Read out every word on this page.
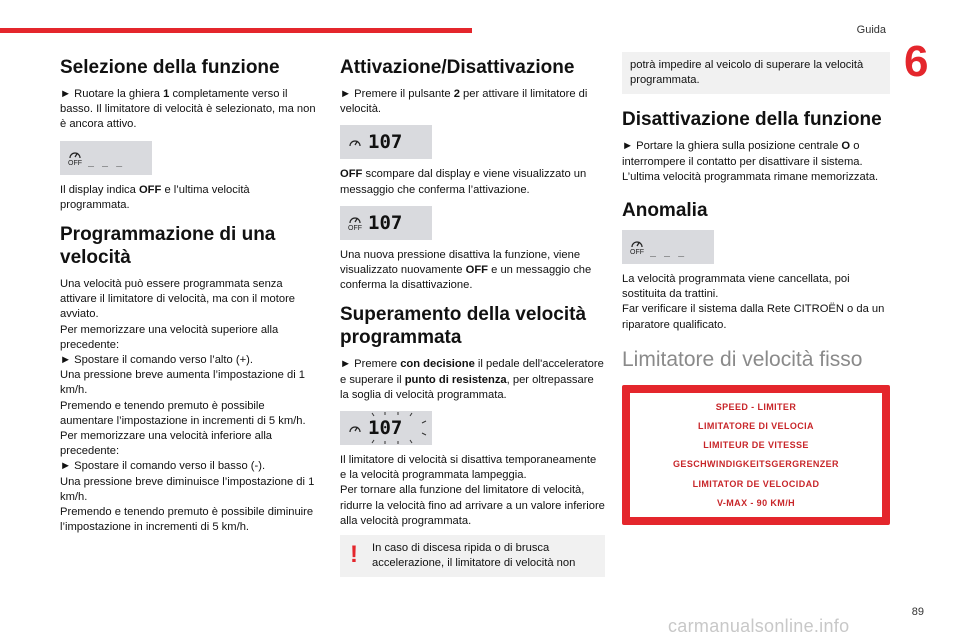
Guida
6
Selezione della funzione

► Ruotare la ghiera 1 completamente verso il basso. Il limitatore di velocità è selezionato, ma non è ancora attivo.

OFF _ _ _

Il display indica OFF e l’ultima velocità programmata.

Programmazione di una velocità

Una velocità può essere programmata senza attivare il limitatore di velocità, ma con il motore avviato.

Per memorizzare una velocità superiore alla precedente:

► Spostare il comando verso l’alto (+).

Una pressione breve aumenta l’impostazione di 1 km/h.

Premendo e tenendo premuto è possibile aumentare l’impostazione in incrementi di 5 km/h.

Per memorizzare una velocità inferiore alla precedente:

► Spostare il comando verso il basso (-).

Una pressione breve diminuisce l’impostazione di 1 km/h.

Premendo e tenendo premuto è possibile diminuire l’impostazione in incrementi di 5 km/h.

Attivazione/Disattivazione

► Premere il pulsante 2 per attivare il limitatore di velocità.

107

OFF scompare dal display e viene visualizzato un messaggio che conferma l’attivazione.

OFF 107

Una nuova pressione disattiva la funzione, viene visualizzato nuovamente OFF e un messaggio che conferma la disattivazione.

Superamento della velocità programmata

► Premere con decisione il pedale dell'acceleratore e superare il punto di resistenza, per oltrepassare la soglia di velocità programmata.

107

Il limitatore di velocità si disattiva temporaneamente e la velocità programmata lampeggia.

Per tornare alla funzione del limitatore di velocità, ridurre la velocità fino ad arrivare a un valore inferiore alla velocità programmata.

! In caso di discesa ripida o di brusca accelerazione, il limitatore di velocità non

potrà impedire al veicolo di superare la velocità programmata.

Disattivazione della funzione

► Portare la ghiera sulla posizione centrale O o interrompere il contatto per disattivare il sistema.

L’ultima velocità programmata rimane memorizzata.

Anomalia
OFF _ _ _

La velocità programmata viene cancellata, poi sostituita da trattini.

Far verificare il sistema dalla Rete CITROËN o da un riparatore qualificato.

Limitatore di velocità fisso
SPEED - LIMITER
LIMITATORE DI VELOCIA
LIMITEUR DE VITESSE
GESCHWINDIGKEITSGERGRENZER
LIMITATOR DE VELOCIDAD
V-MAX - 90 KM/H
89
carmanualsonline.info
